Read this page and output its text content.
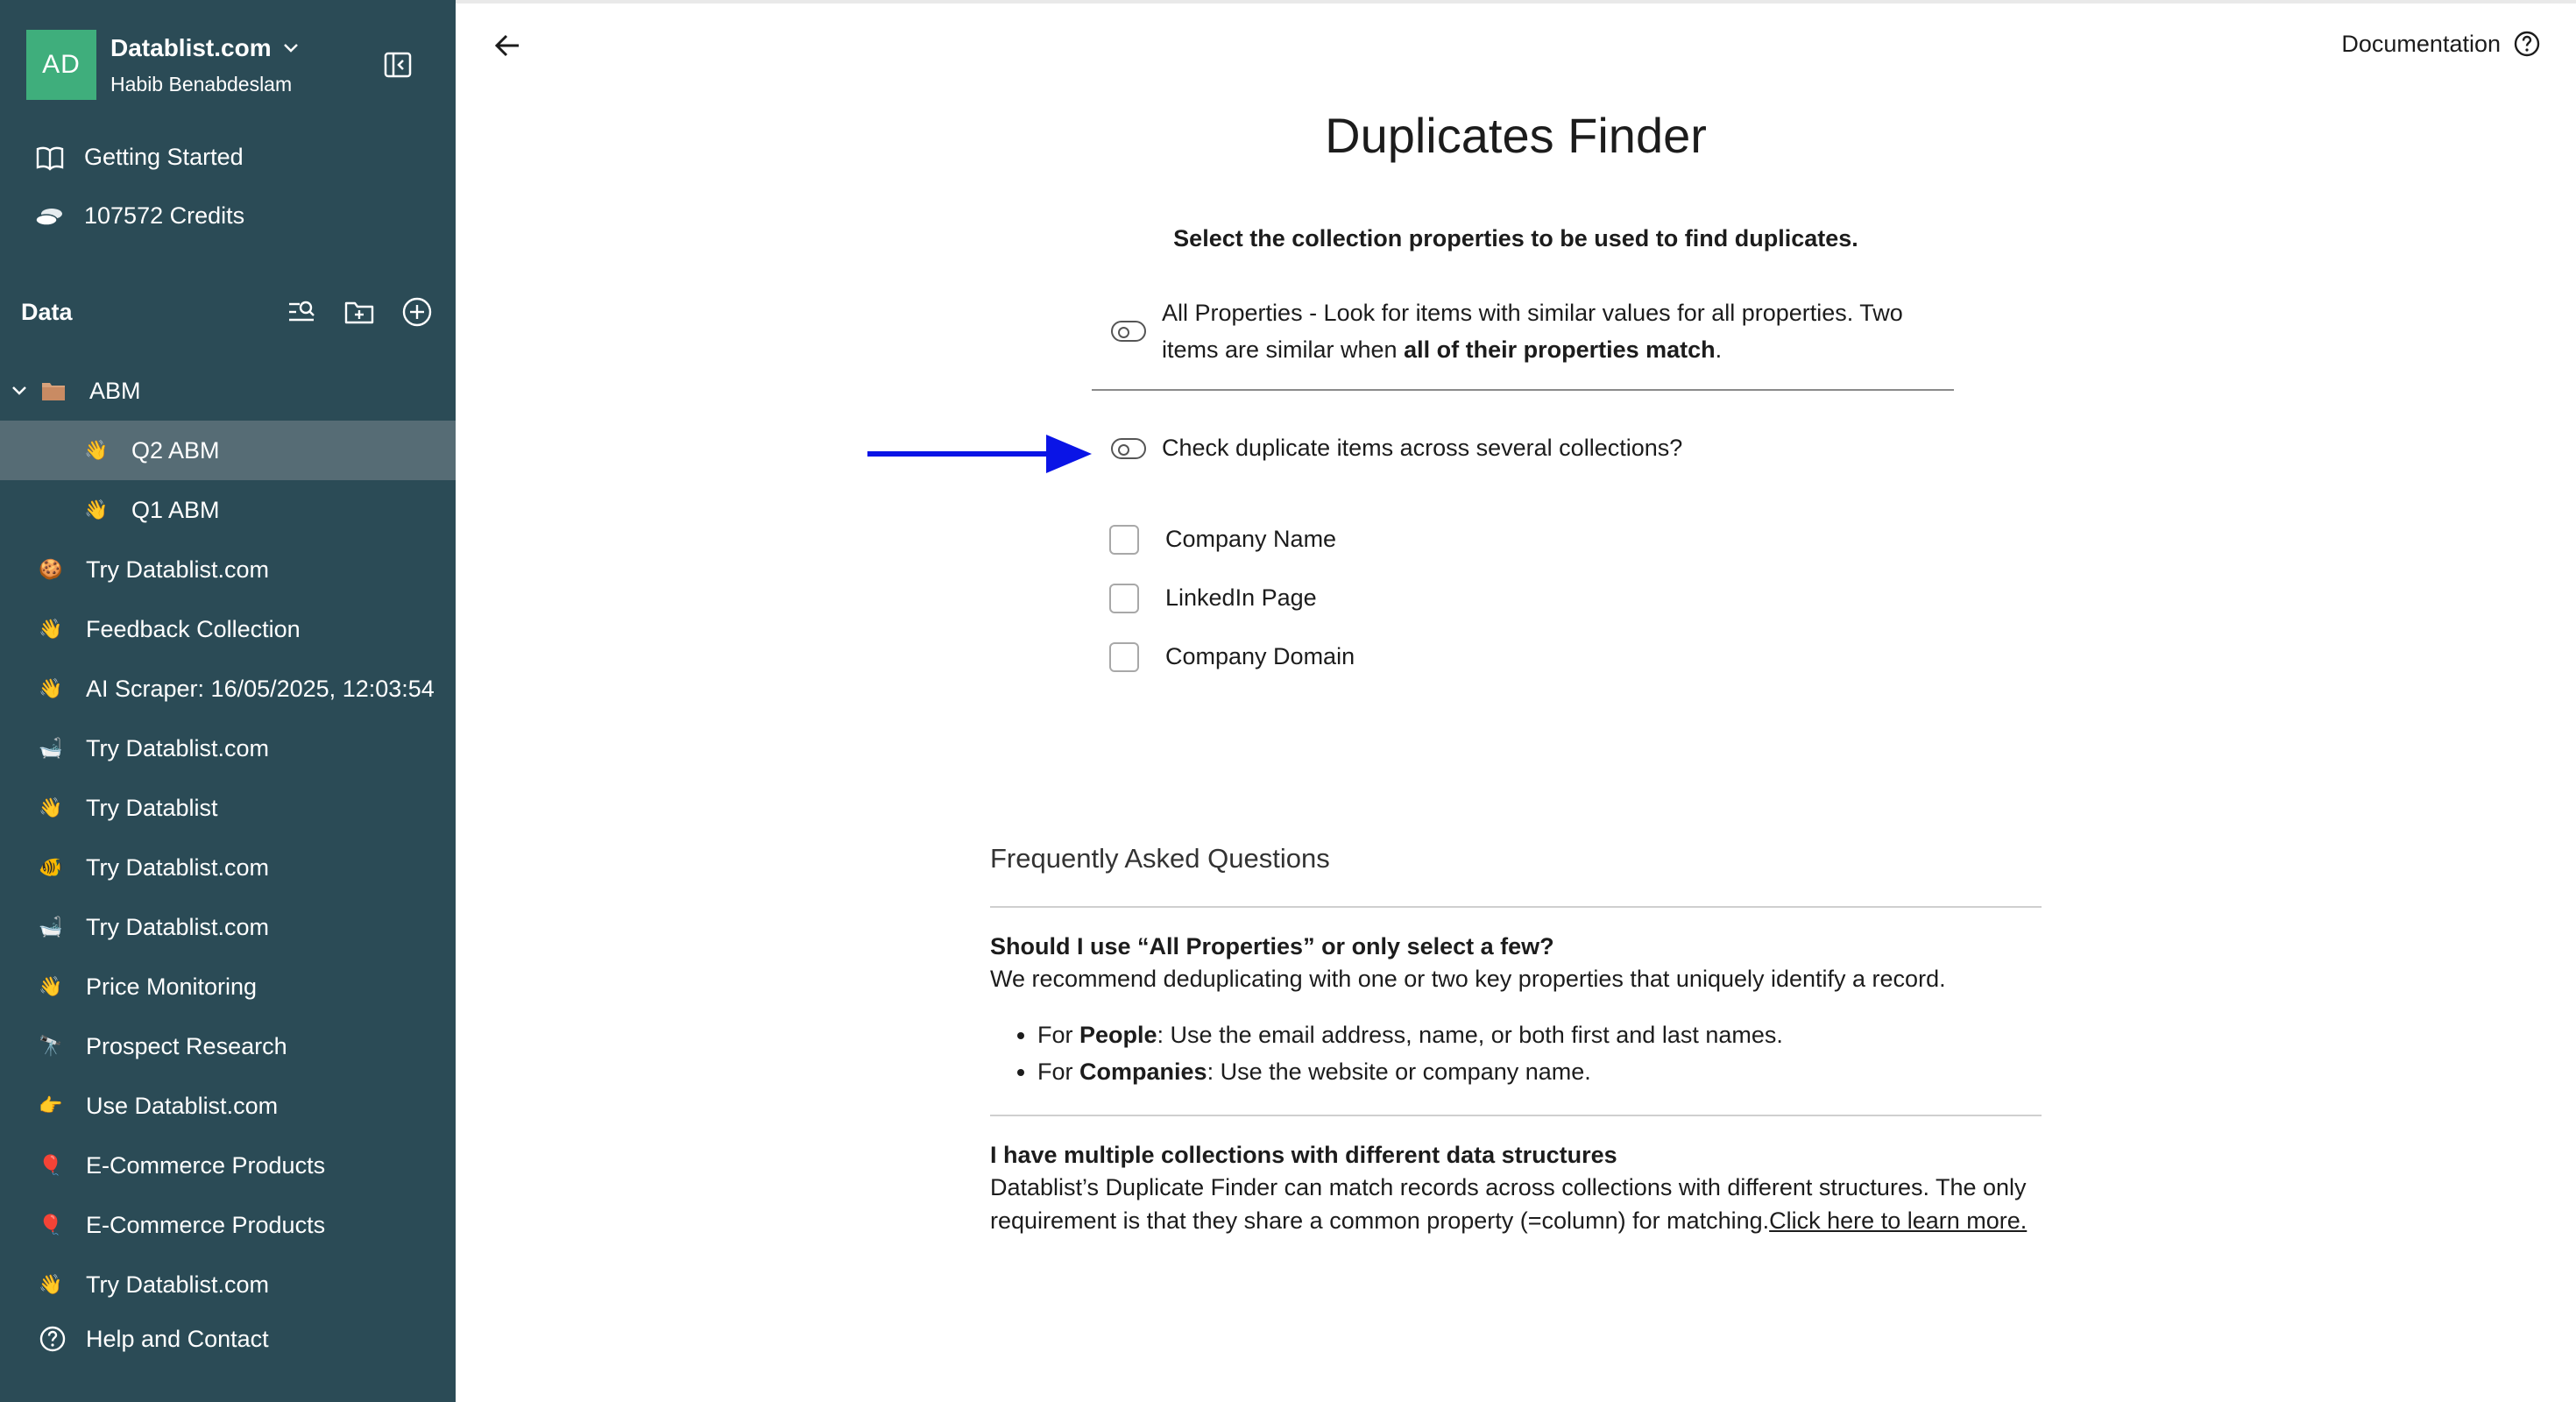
AD
Datablist.com
Habib Benabdeslam
Getting Started
107572 Credits
Data
ABM
👋 Q2 ABM
👋 Q1 ABM
🍪 Try Datablist.com
👋 Feedback Collection
👋 AI Scraper: 16/05/2025, 12:03:54
🛁 Try Datablist.com
👋 Try Datablist
🐠 Try Datablist.com
🛁 Try Datablist.com
👋 Price Monitoring
🔭 Prospect Research
👉 Use Datablist.com
🎈 E-Commerce Products
🎈 E-Commerce Products
👋 Try Datablist.com
Help and Contact
Documentation
Duplicates Finder
Select the collection properties to be used to find duplicates.
All Properties - Look for items with similar values for all properties. Two items are similar when all of their properties match.
Check duplicate items across several collections?
Company Name
LinkedIn Page
Company Domain
Frequently Asked Questions
Should I use “All Properties” or only select a few?
We recommend deduplicating with one or two key properties that uniquely identify a record.
• For People: Use the email address, name, or both first and last names.
• For Companies: Use the website or company name.
I have multiple collections with different data structures
Datablist’s Duplicate Finder can match records across collections with different structures. The only requirement is that they share a common property (=column) for matching.Click here to learn more.
